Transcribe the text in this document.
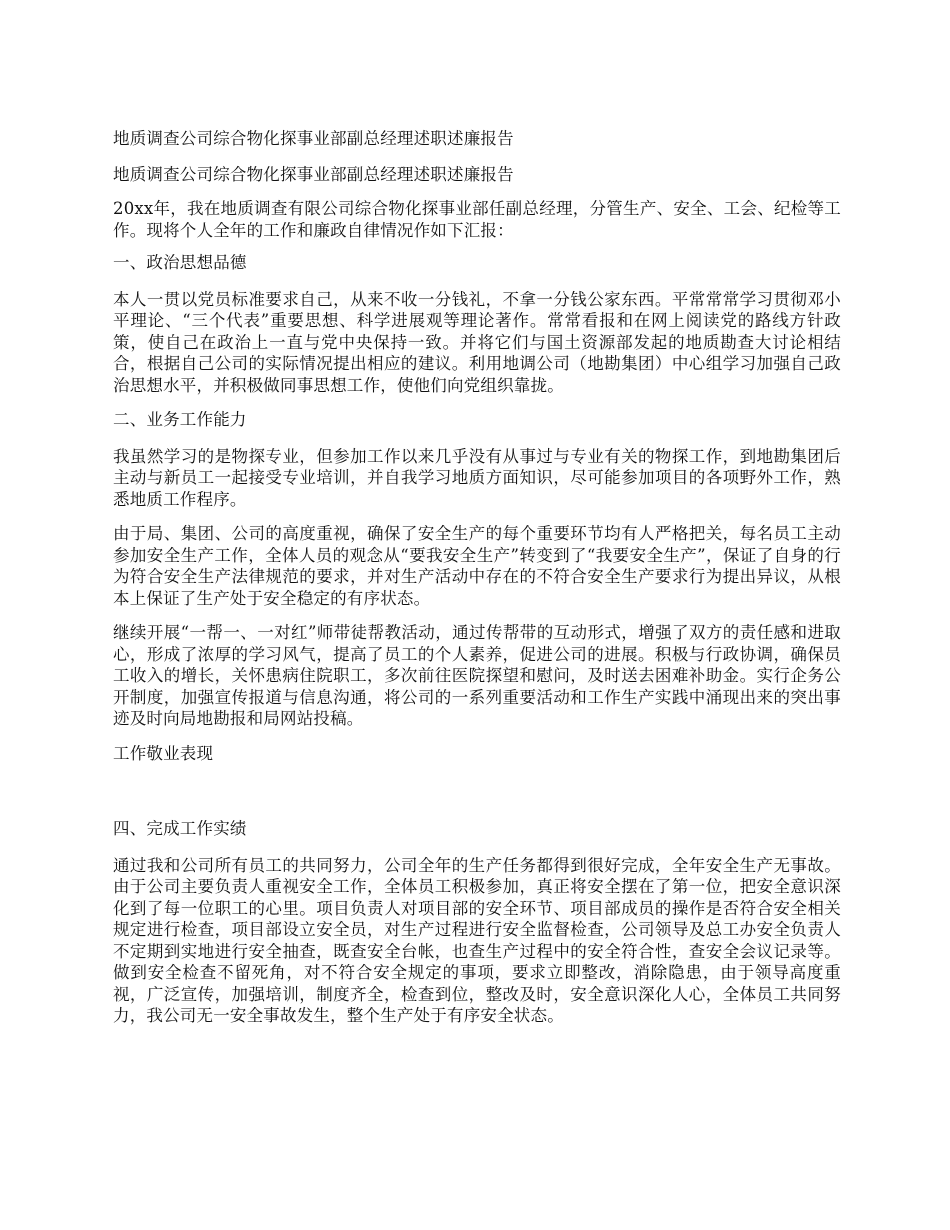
地质调查公司综合物化探事业部副总经理述职述廉报告

地质调查公司综合物化探事业部副总经理述职述廉报告

20xx年，我在地质调查有限公司综合物化探事业部任副总经理，分管生产、安全、工会、纪检等工作。现将个人全年的工作和廉政自律情况作如下汇报：

一、政治思想品德

本人一贯以党员标准要求自己，从来不收一分钱礼，不拿一分钱公家东西。平常常常学习贯彻邓小平理论、“三个代表”重要思想、科学进展观等理论著作。常常看报和在网上阅读党的路线方针政策，使自己在政治上一直与党中央保持一致。并将它们与国土资源部发起的地质勘查大讨论相结合，根据自己公司的实际情况提出相应的建议。利用地调公司（地勘集团）中心组学习加强自己政治思想水平，并积极做同事思想工作，使他们向党组织靠拢。

二、业务工作能力

我虽然学习的是物探专业，但参加工作以来几乎没有从事过与专业有关的物探工作，到地勘集团后主动与新员工一起接受专业培训，并自我学习地质方面知识，尽可能参加项目的各项野外工作，熟悉地质工作程序。

由于局、集团、公司的高度重视，确保了安全生产的每个重要环节均有人严格把关，每名员工主动参加安全生产工作，全体人员的观念从“要我安全生产”转变到了“我要安全生产”，保证了自身的行为符合安全生产法律规范的要求，并对生产活动中存在的不符合安全生产要求行为提出异议，从根本上保证了生产处于安全稳定的有序状态。

继续开展“一帮一、一对红”师带徒帮教活动，通过传帮带的互动形式，增强了双方的责任感和进取心，形成了浓厚的学习风气，提高了员工的个人素养，促进公司的进展。积极与行政协调，确保员工收入的增长，关怀患病住院职工，多次前往医院探望和慰问，及时送去困难补助金。实行企务公开制度，加强宣传报道与信息沟通，将公司的一系列重要活动和工作生产实践中涌现出来的突出事迹及时向局地勘报和局网站投稿。

工作敬业表现

四、完成工作实绩

通过我和公司所有员工的共同努力，公司全年的生产任务都得到很好完成，全年安全生产无事故。由于公司主要负责人重视安全工作，全体员工积极参加，真正将安全摆在了第一位，把安全意识深化到了每一位职工的心里。项目负责人对项目部的安全环节、项目部成员的操作是否符合安全相关规定进行检查，项目部设立安全员，对生产过程进行安全监督检查，公司领导及总工办安全负责人不定期到实地进行安全抽查，既查安全台帐，也查生产过程中的安全符合性，查安全会议记录等。做到安全检查不留死角，对不符合安全规定的事项，要求立即整改，消除隐患，由于领导高度重视，广泛宣传，加强培训，制度齐全，检查到位，整改及时，安全意识深化人心，全体员工共同努力，我公司无一安全事故发生，整个生产处于有序安全状态。
